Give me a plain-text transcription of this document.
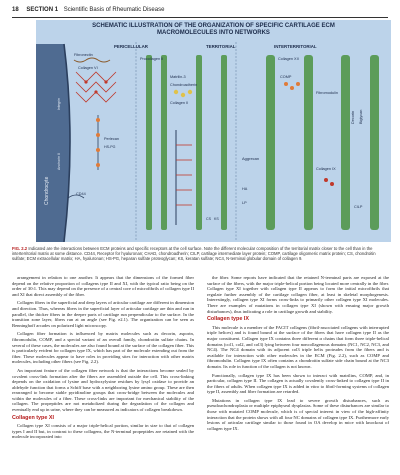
18 SECTION 1 Scientific Basis of Rheumatic Disease
SCHEMATIC ILLUSTRATION OF THE ORGANIZATION OF SPECIFIC CARTILAGE ECM
MACROMOLECULES INTO NETWORKS
PERICELLULAR	TERRITORIAL	INTERTERRITORIAL
Chondrocyte
Integrin
Anchorin II
Fibronectin
Collagen VI
Perlecan
HS-PG
CD44
Procollagen II
Matrilin-3
Chondroadherin
Collagen II
Aggrecan
HA
LP
CS KS
Collagen XII
COMP
Fibromodulin
Decorin Biglycan
Collagen IX
CILP
FIG. 2.2 Indicated are the interactions between ECM proteins and specific receptors at the cell surface. Note the different molecular composition of the territorial matrix closer to the cell than in the interterritorial matrix at some distance. CD44, Receptor for hyaluronan; CHAD, chondroadherin; CILP, cartilage intermediate layer protein; COMP, cartilage oligomeric matrix protein; CS, chondroitin sulfate; ECM extracellular matrix; HA, hyaluronan; HS-PG, heparan sulfate proteoglycan; KS, keratan sulfate; NC4, N-terminal globular domain of collagen 9.

arrangement in relation to one another. It appears that the dimensions of the formed fiber depend on the relative proportion of collagens type II and XI, with the typical ratio being on the order of 30:1. This may depend on the presence of a central core of microfibrils of collagen type II and XI that direct assembly of the fiber.

Collagen fibers in the superficial and deep layers of articular cartilage are different in dimension and direction. Thus, whereas fibers in the superficial layer of articular cartilage are thin and run in parallel, the thicker fibers in the deeper parts of cartilage run perpendicular to the surface. In the transition zone layer, fibers run at an angle (see Fig. e2.1). The organization can be seen as Benninghoff arcades on polarized light microscopy.

Collagen fiber formation is influenced by matrix molecules such as decorin, asporin, fibromodulin, COMP, and a special variant of an overall family, chondroitin sulfate chains. In several of these cases, the molecules are also found bound at the surface of the collagen fiber. This is particularly evident for collagen type IX, which has part of the molecule extending out from the fiber. These molecules appear to have roles in providing sites for interaction with other matrix molecules, including other fibers (see Fig. 2.2).

An important feature of the collagen fiber network is that the interactions become sealed by covalent cross-link formation after the fibers are assembled outside the cell. This cross-linking depends on the oxidation of lysine and hydroxylysine residues by lysyl oxidase to provide an aldehyde function that forms a Schiff base with a neighboring lysine amino group. These are then rearranged to become stable pyridinoline groups that cross-bridge between the molecules and within the molecules of a fiber. These cross-links are important for mechanical stability of the collagen. The propeptides are not metabolized during the degradation of the collagen and eventually end up in urine, where they can be measured as indicators of collagen breakdown.

Collagen type XI

Collagen type XI consists of a major triple-helical portion, similar in size to that of collagen types I and II but, in contrast to these collagens, the N-terminal propeptides are retained with the molecule incorporated into

the fiber. Some reports have indicated that the retained N-terminal parts are exposed at the surface of the fibers, with the major triple-helical portion being located more centrally in the fiber. Collagen type XI together with collagen type II appears to form the initial microfibrils that regulate further assembly of the cartilage collagen fiber, at least in skeletal morphogenesis. Interestingly, collagen type XI forms cross-links to primarily other collagen type XI molecules. There are examples of mutations in collagen type XI (shown with ensuing major growth disturbances), thus indicating a role in cartilage growth and stability.

Collagen type IX

This molecule is a member of the FACIT collagens (fibril-associated collagens with interrupted triple helices) and is found bound at the surface of the fibers that have collagen type II as the major constituent. Collagen type IX contains three different α chains that form three triple-helical domains (col1, col2, and col3) lying between four noncollagenous domains (NC1, NC2, NC3, and NC4). The NC4 domain with its adjacent col3 triple helix protrudes from the fibers and is available for interaction with other molecules in the ECM (Fig. 2.2), such as COMP and fibromodulin. Collagen type IX often contains a chondroitin sulfate side chain bound at the NC3 domain. Its role in function of the collagen is not known.

Functionally, collagen type IX has been shown to interact with matrilins, COMP, and, in particular, collagen type II. The collagen is actually covalently cross-linked to collagen type II in the fibers of adults. When collagen type IX is added in vitro to fibril-forming systems of collagen type II, assembly and fiber formation are retarded.

Mutations in collagen type IX lead to severe growth disturbances, such as pseudoachondroplasia or multiple epiphyseal dysplasias. Some of these disturbances are similar to those with mutated COMP molecule, which is of special interest in view of the high-affinity interaction that the protein shows with all four NC domains of collagen type IX. Furthermore early lesions of articular cartilage similar to those found in OA develop in mice with knockout of collagen type IX.
